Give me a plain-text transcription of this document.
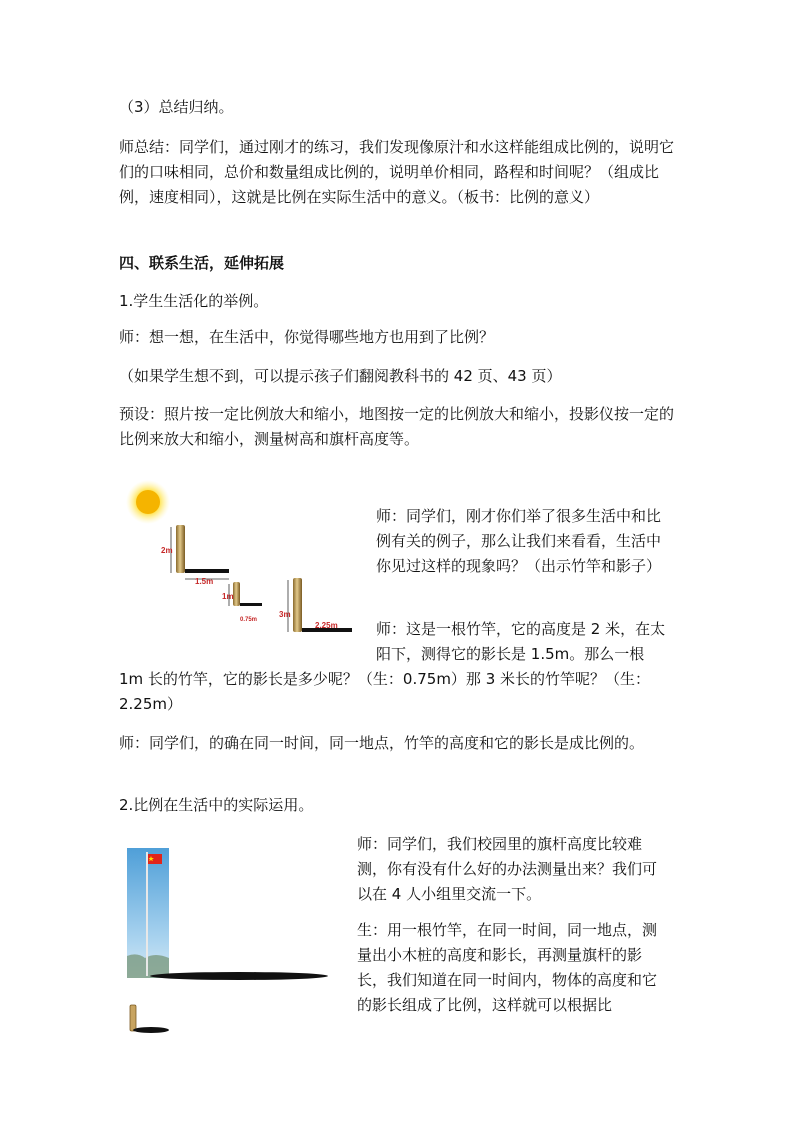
（3）总结归纳。

师总结：同学们，通过刚才的练习，我们发现像原汁和水这样能组成比例的，说明它们的口味相同，总价和数量组成比例的，说明单价相同，路程和时间呢？（组成比例，速度相同），这就是比例在实际生活中的意义。（板书：比例的意义）

四、联系生活，延伸拓展

1.学生生活化的举例。

师：想一想，在生活中，你觉得哪些地方也用到了比例？

（如果学生想不到，可以提示孩子们翻阅教科书的 42 页、43 页）

预设：照片按一定比例放大和缩小，地图按一定的比例放大和缩小，投影仪按一定的比例来放大和缩小，测量树高和旗杆高度等。

2m
1.5m
1m
0.75m
3m
2.25m

师：同学们，刚才你们举了很多生活中和比例有关的例子，那么让我们来看看，生活中你见过这样的现象吗？（出示竹竿和影子）

师：这是一根竹竿，它的高度是 2 米，在太阳下，测得它的影长是 1.5m。那么一根

1m 长的竹竿，它的影长是多少呢？（生：0.75m）那 3 米长的竹竿呢？（生：2.25m）

师：同学们，的确在同一时间，同一地点，竹竿的高度和它的影长是成比例的。

2.比例在生活中的实际运用。

师：同学们，我们校园里的旗杆高度比较难测，你有没有什么好的办法测量出来？我们可以在 4 人小组里交流一下。

生：用一根竹竿，在同一时间，同一地点，测量出小木桩的高度和影长，再测量旗杆的影长，我们知道在同一时间内，物体的高度和它的影长组成了比例，这样就可以根据比
